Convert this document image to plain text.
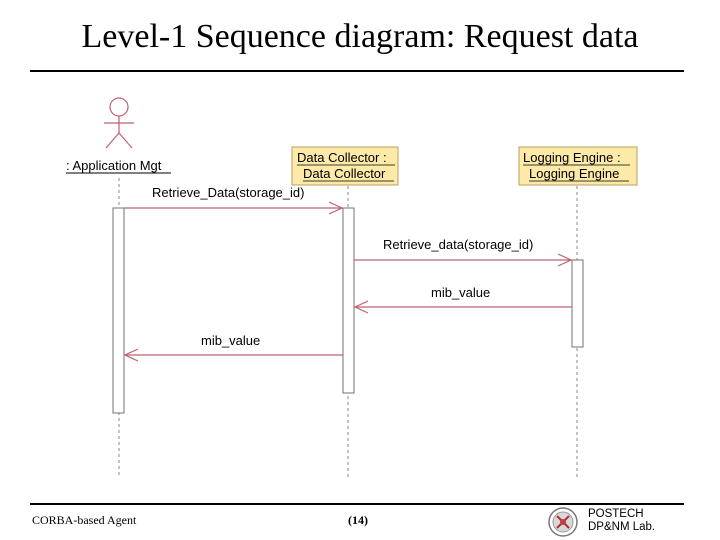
Level-1 Sequence diagram: Request data
: Application Mgt
Data Collector :
Data Collector
Logging Engine :
Logging Engine
Retrieve_Data(storage_id)
Retrieve_data(storage_id)
mib_value
mib_value
CORBA-based Agent	(14)	POSTECH
DP&NM Lab.
